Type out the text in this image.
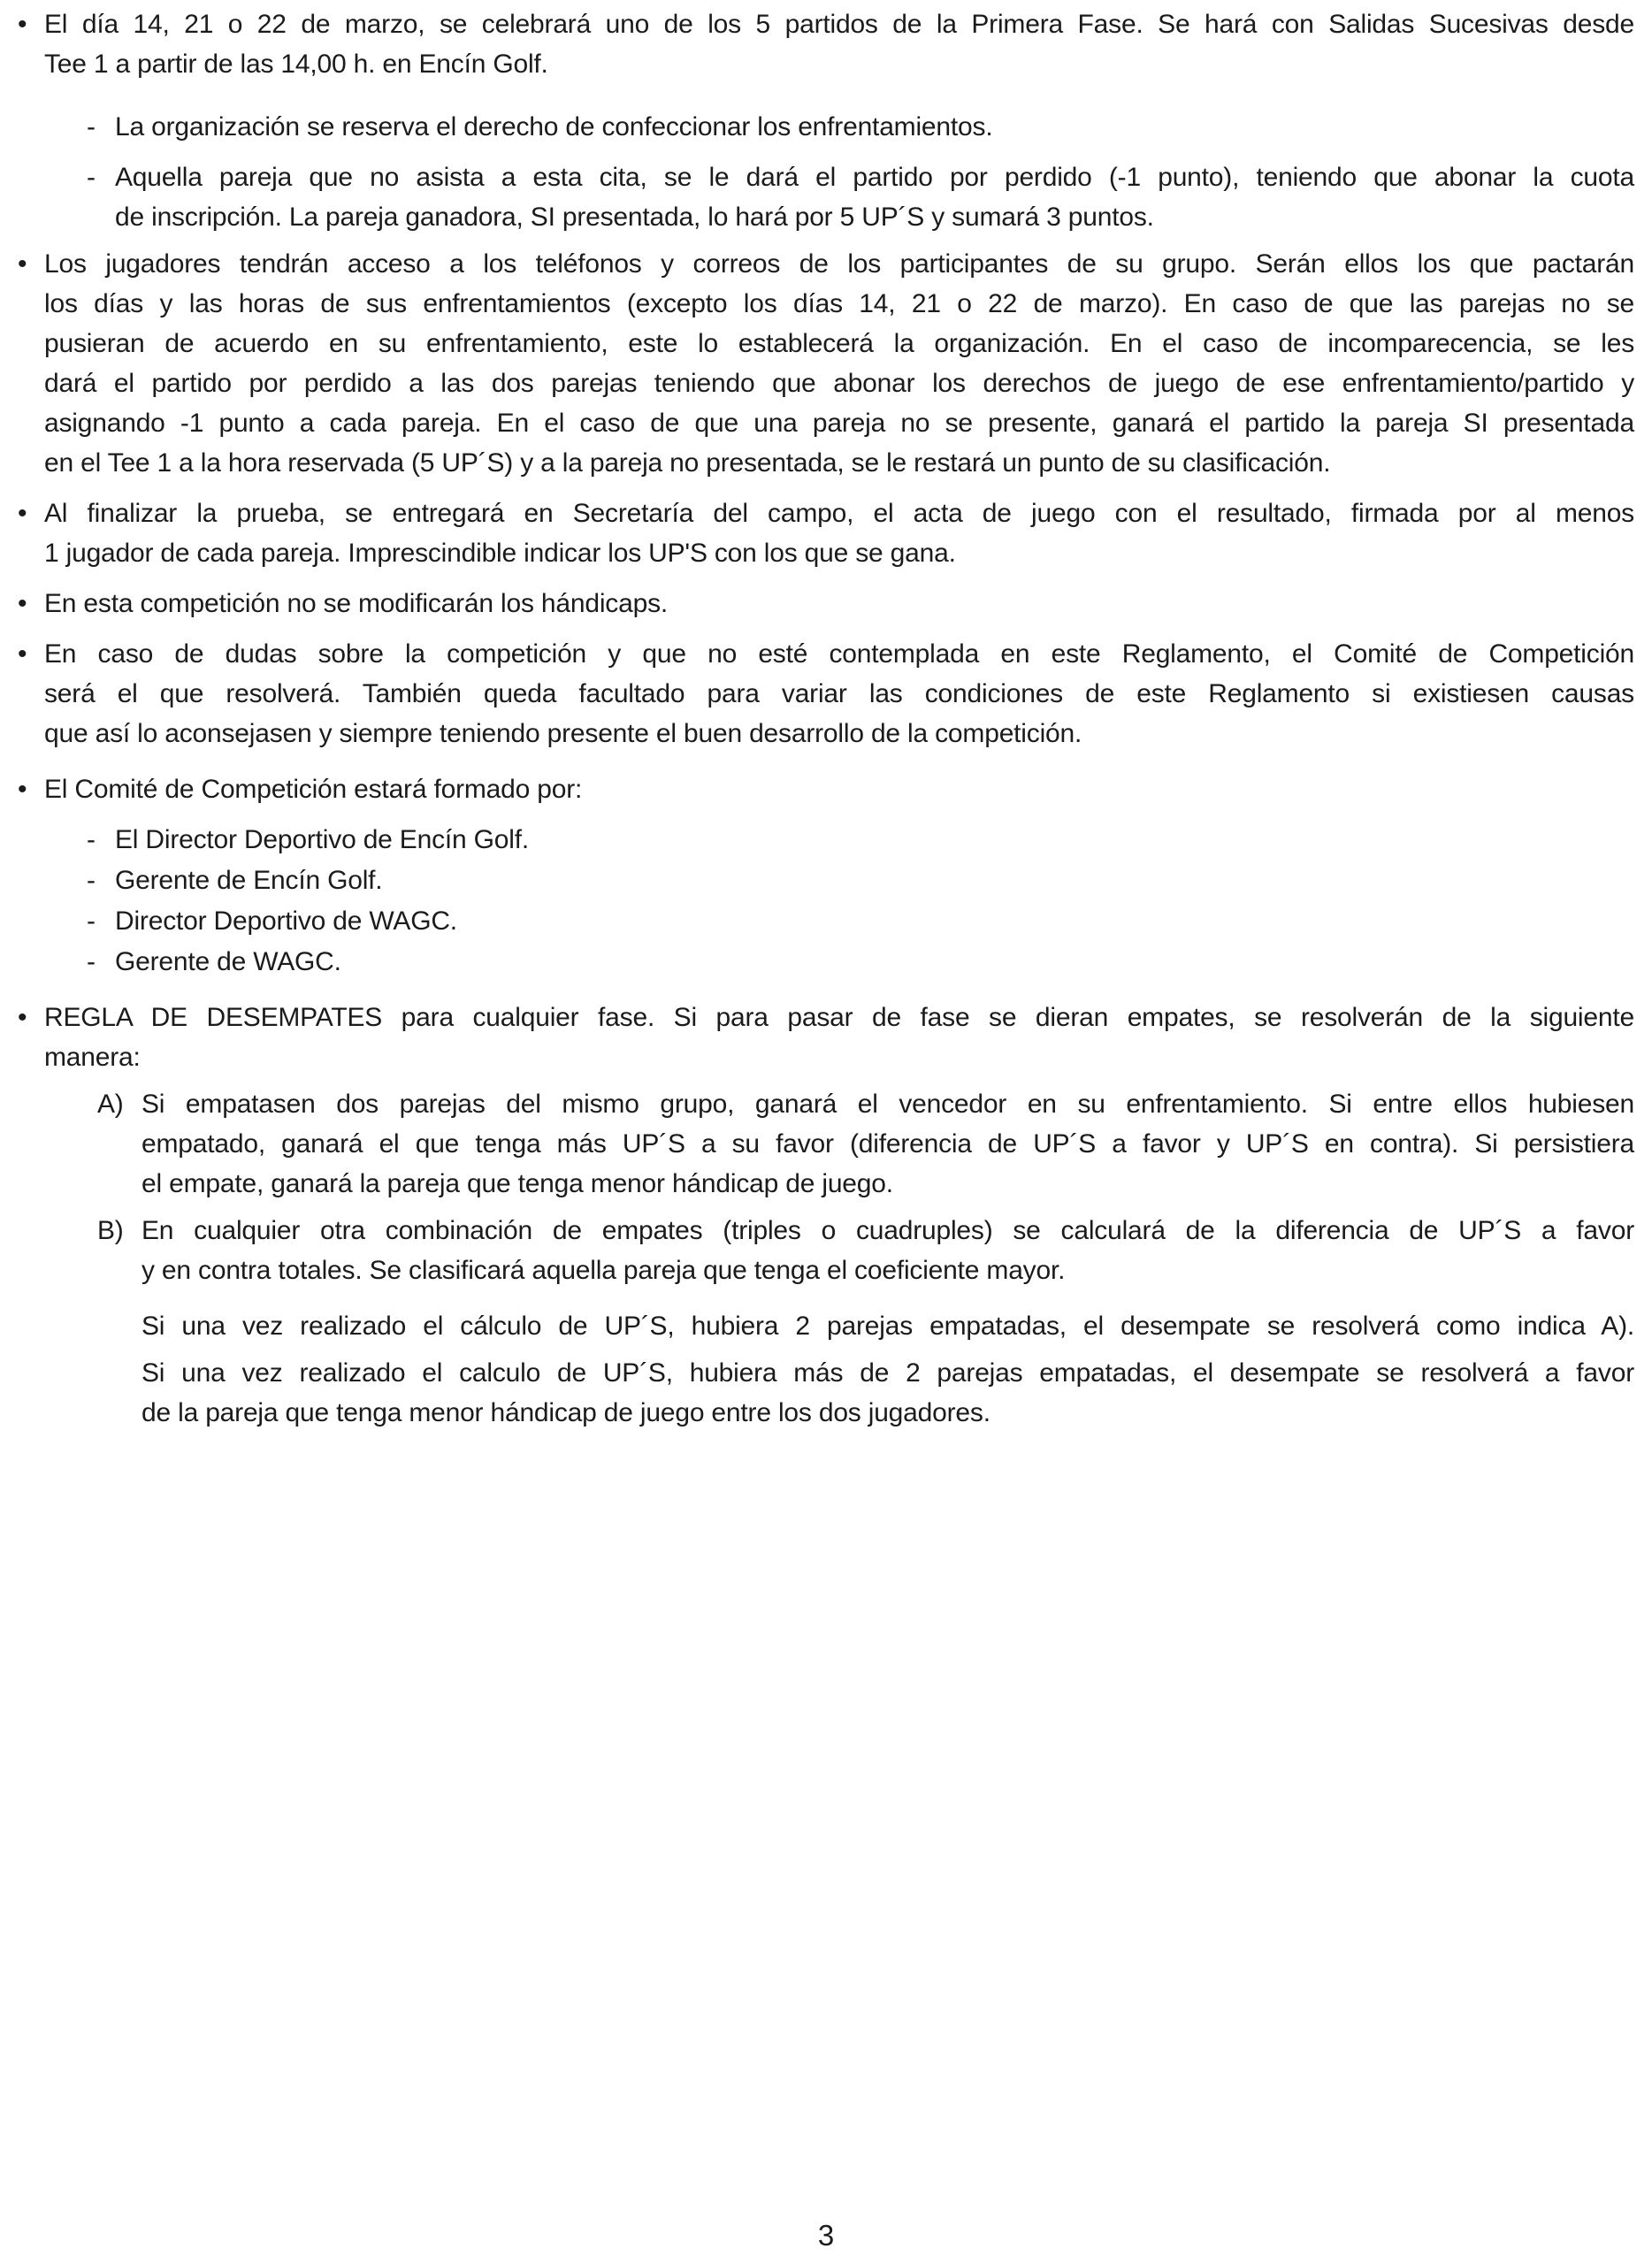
• El día 14, 21 o 22 de marzo, se celebrará uno de los 5 partidos de la Primera Fase. Se hará con Salidas Sucesivas desde
Tee 1 a partir de las 14,00 h. en Encín Golf.
- La organización se reserva el derecho de confeccionar los enfrentamientos.
- Aquella pareja que no asista a esta cita, se le dará el partido por perdido (-1 punto), teniendo que abonar la cuota
de inscripción. La pareja ganadora, SI presentada, lo hará por 5 UP´S y sumará 3 puntos.
• Los jugadores tendrán acceso a los teléfonos y correos de los participantes de su grupo. Serán ellos los que pactarán
los días y las horas de sus enfrentamientos (excepto los días 14, 21 o 22 de marzo). En caso de que las parejas no se
pusieran de acuerdo en su enfrentamiento, este lo establecerá la organización. En el caso de incomparecencia, se les
dará el partido por perdido a las dos parejas teniendo que abonar los derechos de juego de ese enfrentamiento/partido y
asignando -1 punto a cada pareja. En el caso de que una pareja no se presente, ganará el partido la pareja SI presentada
en el Tee 1 a la hora reservada (5 UP´S) y a la pareja no presentada, se le restará un punto de su clasificación.
• Al finalizar la prueba, se entregará en Secretaría del campo, el acta de juego con el resultado, firmada por al menos
1 jugador de cada pareja. Imprescindible indicar los UP'S con los que se gana.
• En esta competición no se modificarán los hándicaps.
• En caso de dudas sobre la competición y que no esté contemplada en este Reglamento, el Comité de Competición
será el que resolverá. También queda facultado para variar las condiciones de este Reglamento si existiesen causas
que así lo aconsejasen y siempre teniendo presente el buen desarrollo de la competición.
• El Comité de Competición estará formado por:
- El Director Deportivo de Encín Golf.
- Gerente de Encín Golf.
- Director Deportivo de WAGC.
- Gerente de WAGC.
• REGLA DE DESEMPATES para cualquier fase. Si para pasar de fase se dieran empates, se resolverán de la siguiente
manera:
A) Si empatasen dos parejas del mismo grupo, ganará el vencedor en su enfrentamiento. Si entre ellos hubiesen
empatado, ganará el que tenga más UP´S a su favor (diferencia de UP´S a favor y UP´S en contra). Si persistiera
el empate, ganará la pareja que tenga menor hándicap de juego.
B) En cualquier otra combinación de empates (triples o cuadruples) se calculará de la diferencia de UP´S a favor
y en contra totales. Se clasificará aquella pareja que tenga el coeficiente mayor.
Si una vez realizado el cálculo de UP´S, hubiera 2 parejas empatadas, el desempate se resolverá como indica A).
Si una vez realizado el calculo de UP´S, hubiera más de 2 parejas empatadas, el desempate se resolverá a favor
de la pareja que tenga menor hándicap de juego entre los dos jugadores.
3
